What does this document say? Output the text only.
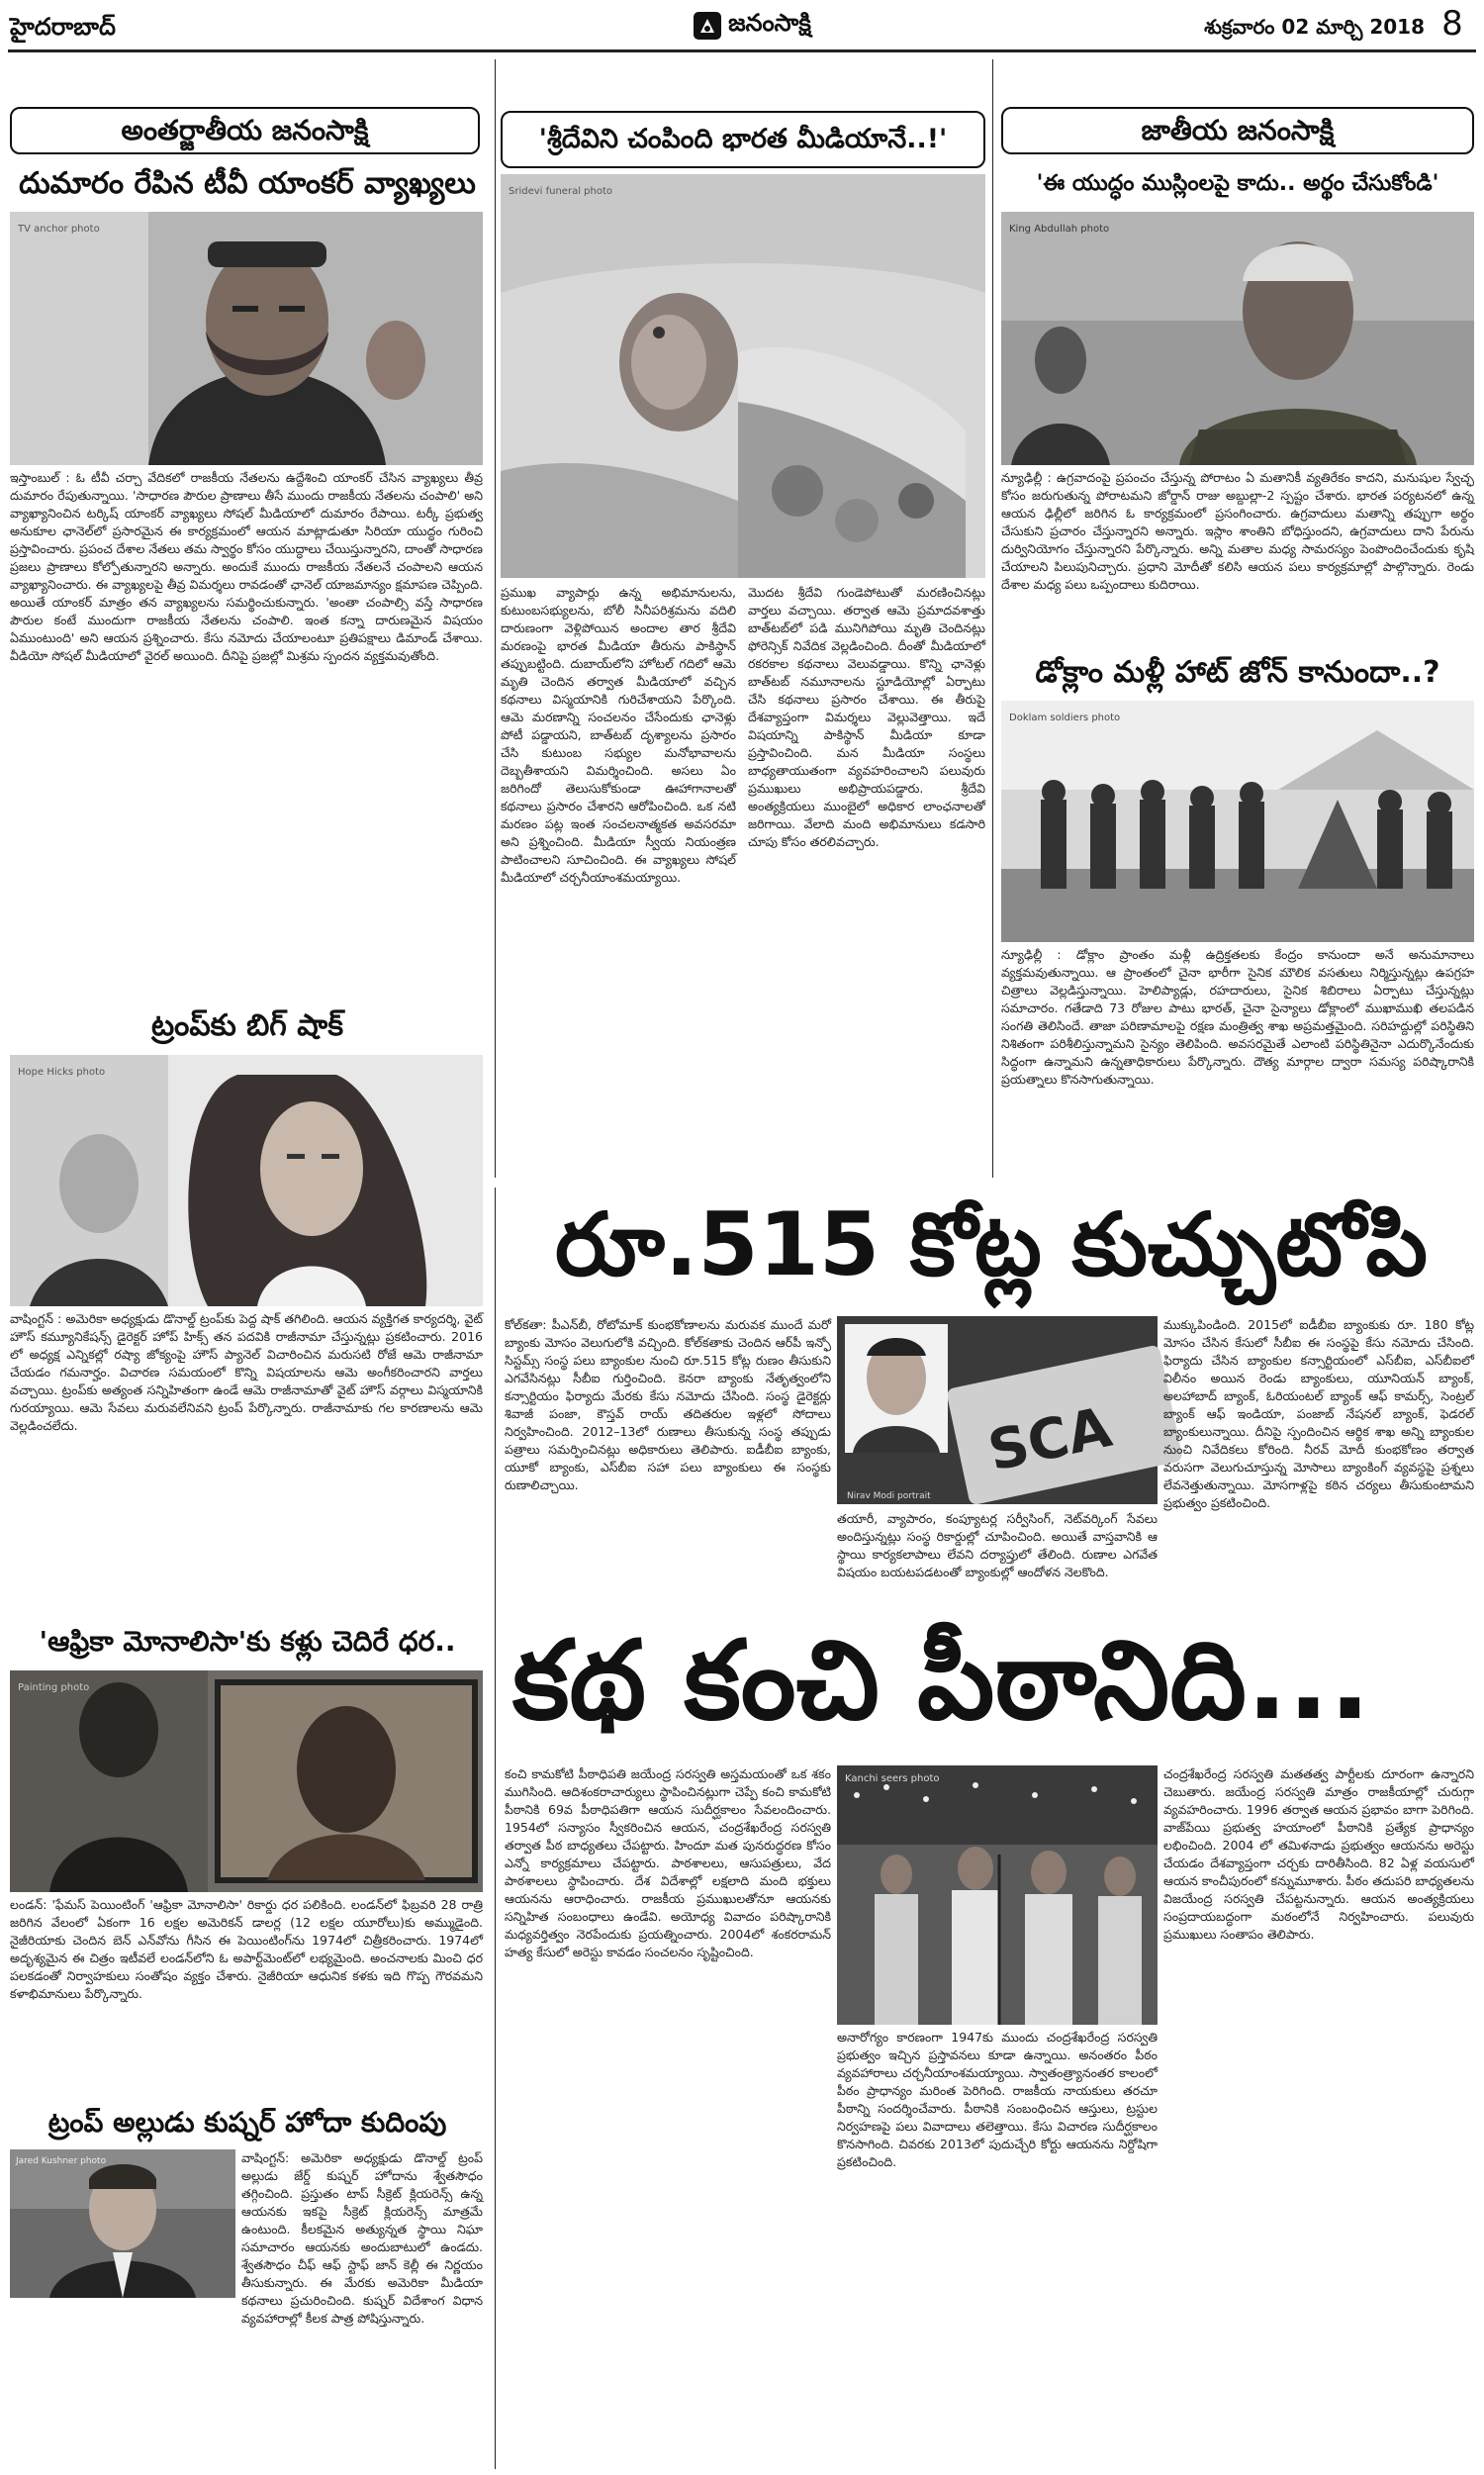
హైదరాబాద్	జనంసాక్షి	శుక్రవారం 02 మార్చి 2018 8
అంతర్జాతీయ జనంసాక్షి
దుమారం రేపిన టీవీ యాంకర్ వ్యాఖ్యలు
TV anchor photo
ఇస్తాంబుల్ : ఓ టీవీ చర్చా వేదికలో రాజకీయ నేతలను ఉద్దేశించి యాంకర్ చేసిన వ్యాఖ్యలు తీవ్ర దుమారం రేపుతున్నాయి. 'సాధారణ పౌరుల ప్రాణాలు తీసే ముందు రాజకీయ నేతలను చంపాలి' అని వ్యాఖ్యానించిన టర్కిష్ యాంకర్ వ్యాఖ్యలు సోషల్ మీడియాలో దుమారం రేపాయి. టర్కీ ప్రభుత్వ అనుకూల ఛానెల్‌లో ప్రసారమైన ఈ కార్యక్రమంలో ఆయన మాట్లాడుతూ సిరియా యుద్ధం గురించి ప్రస్తావించారు. ప్రపంచ దేశాల నేతలు తమ స్వార్థం కోసం యుద్ధాలు చేయిస్తున్నారని, దాంతో సాధారణ ప్రజలు ప్రాణాలు కోల్పోతున్నారని అన్నారు. అందుకే ముందు రాజకీయ నేతలనే చంపాలని ఆయన వ్యాఖ్యానించారు. ఈ వ్యాఖ్యలపై తీవ్ర విమర్శలు రావడంతో ఛానెల్ యాజమాన్యం క్షమాపణ చెప్పింది. అయితే యాంకర్ మాత్రం తన వ్యాఖ్యలను సమర్థించుకున్నారు. 'అంతా చంపాల్సి వస్తే సాధారణ పౌరుల కంటే ముందుగా రాజకీయ నేతలను చంపాలి. ఇంత కన్నా దారుణమైన విషయం ఏముంటుంది' అని ఆయన ప్రశ్నించారు. కేసు నమోదు చేయాలంటూ ప్రతిపక్షాలు డిమాండ్ చేశాయి. వీడియో సోషల్ మీడియాలో వైరల్ అయింది. దీనిపై ప్రజల్లో మిశ్రమ స్పందన వ్యక్తమవుతోంది.
ట్రంప్‌కు బిగ్ షాక్
Hope Hicks photo
వాషింగ్టన్ : అమెరికా అధ్యక్షుడు డొనాల్డ్ ట్రంప్‌కు పెద్ద షాక్ తగిలింది. ఆయన వ్యక్తిగత కార్యదర్శి, వైట్ హౌస్ కమ్యూనికేషన్స్ డైరెక్టర్ హోప్ హిక్స్ తన పదవికి రాజీనామా చేస్తున్నట్లు ప్రకటించారు. 2016 లో అధ్యక్ష ఎన్నికల్లో రష్యా జోక్యంపై హౌస్ ప్యానెల్ విచారించిన మరుసటి రోజే ఆమె రాజీనామా చేయడం గమనార్హం. విచారణ సమయంలో కొన్ని విషయాలను ఆమె అంగీకరించారని వార్తలు వచ్చాయి. ట్రంప్‌కు అత్యంత సన్నిహితంగా ఉండే ఆమె రాజీనామాతో వైట్ హౌస్ వర్గాలు విస్మయానికి గురయ్యాయి. ఆమె సేవలు మరువలేనివని ట్రంప్ పేర్కొన్నారు. రాజీనామాకు గల కారణాలను ఆమె వెల్లడించలేదు.
'ఆఫ్రికా మోనాలిసా'కు కళ్లు చెదిరే ధర..
Painting photo
లండన్: 'ఫేమస్ పెయింటింగ్ 'ఆఫ్రికా మోనాలిసా' రికార్డు ధర పలికింది. లండన్‌లో ఫిబ్రవరి 28 రాత్రి జరిగిన వేలంలో ఏకంగా 16 లక్షల అమెరికన్ డాలర్ల (12 లక్షల యూరోలు)కు అమ్ముడైంది. నైజీరియాకు చెందిన బెన్ ఎన్‌వోను గీసిన ఈ పెయింటింగ్‌ను 1974లో చిత్రీకరించారు. 1974లో అదృశ్యమైన ఈ చిత్రం ఇటీవలే లండన్‌లోని ఓ అపార్ట్‌మెంట్‌లో లభ్యమైంది. అంచనాలకు మించి ధర పలకడంతో నిర్వాహకులు సంతోషం వ్యక్తం చేశారు. నైజీరియా ఆధునిక కళకు ఇది గొప్ప గౌరవమని కళాభిమానులు పేర్కొన్నారు.
ట్రంప్ అల్లుడు కుష్నర్ హోదా కుదింపు
Jared Kushner photo	వాషింగ్టన్: అమెరికా అధ్యక్షుడు డొనాల్డ్ ట్రంప్ అల్లుడు జేర్డ్ కుష్నర్ హోదాను శ్వేతసౌధం తగ్గించింది. ప్రస్తుతం టాప్ సీక్రెట్ క్లియరెన్స్ ఉన్న ఆయనకు ఇకపై సీక్రెట్ క్లియరెన్స్ మాత్రమే ఉంటుంది. కీలకమైన అత్యున్నత స్థాయి నిఘా సమాచారం ఆయనకు అందుబాటులో ఉండదు. శ్వేతసౌధం చీఫ్ ఆఫ్ స్టాఫ్ జాన్ కెల్లీ ఈ నిర్ణయం తీసుకున్నారు. ఈ మేరకు అమెరికా మీడియా కథనాలు ప్రచురించింది. కుష్నర్ విదేశాంగ విధాన వ్యవహారాల్లో కీలక పాత్ర పోషిస్తున్నారు.
'శ్రీదేవిని చంపింది భారత మీడియానే..!'
Sridevi funeral photo
ప్రముఖ వ్యాపార్లు ఉన్న అభిమానులను, కుటుంబసభ్యులను, బోలీ సినీపరిశ్రమను వదిలి దారుణంగా వెళ్లిపోయిన అందాల తార శ్రీదేవి మరణంపై భారత మీడియా తీరును పాకిస్థాన్ తప్పుబట్టింది. దుబాయ్‌లోని హోటల్ గదిలో ఆమె మృతి చెందిన తర్వాత మీడియాలో వచ్చిన కథనాలు విస్మయానికి గురిచేశాయని పేర్కొంది. ఆమె మరణాన్ని సంచలనం చేసేందుకు ఛానెళ్లు పోటీ పడ్డాయని, బాత్‌టబ్ దృశ్యాలను ప్రసారం చేసి కుటుంబ సభ్యుల మనోభావాలను దెబ్బతీశాయని విమర్శించింది. అసలు ఏం జరిగిందో తెలుసుకోకుండా ఊహాగానాలతో కథనాలు ప్రసారం చేశారని ఆరోపించింది. ఒక నటి మరణం పట్ల ఇంత సంచలనాత్మకత అవసరమా అని ప్రశ్నించింది. మీడియా స్వీయ నియంత్రణ పాటించాలని సూచించింది. ఈ వ్యాఖ్యలు సోషల్ మీడియాలో చర్చనీయాంశమయ్యాయి.
మొదట శ్రీదేవి గుండెపోటుతో మరణించినట్లు వార్తలు వచ్చాయి. తర్వాత ఆమె ప్రమాదవశాత్తు బాత్‌టబ్‌లో పడి మునిగిపోయి మృతి చెందినట్లు ఫోరెన్సిక్ నివేదిక వెల్లడించింది. దీంతో మీడియాలో రకరకాల కథనాలు వెలువడ్డాయి. కొన్ని ఛానెళ్లు బాత్‌టబ్ నమూనాలను స్టూడియోల్లో ఏర్పాటు చేసి కథనాలు ప్రసారం చేశాయి. ఈ తీరుపై దేశవ్యాప్తంగా విమర్శలు వెల్లువెత్తాయి. ఇదే విషయాన్ని పాకిస్థాన్ మీడియా కూడా ప్రస్తావించింది. మన మీడియా సంస్థలు బాధ్యతాయుతంగా వ్యవహరించాలని పలువురు ప్రముఖులు అభిప్రాయపడ్డారు. శ్రీదేవి అంత్యక్రియలు ముంబైలో అధికార లాంఛనాలతో జరిగాయి. వేలాది మంది అభిమానులు కడసారి చూపు కోసం తరలివచ్చారు.
జాతీయ జనంసాక్షి
'ఈ యుద్ధం ముస్లింలపై కాదు.. అర్థం చేసుకోండి'
King Abdullah photo
న్యూఢిల్లీ : ఉగ్రవాదంపై ప్రపంచం చేస్తున్న పోరాటం ఏ మతానికీ వ్యతిరేకం కాదని, మనుషుల స్వేచ్ఛ కోసం జరుగుతున్న పోరాటమని జోర్డాన్ రాజు అబ్దుల్లా-2 స్పష్టం చేశారు. భారత పర్యటనలో ఉన్న ఆయన ఢిల్లీలో జరిగిన ఓ కార్యక్రమంలో ప్రసంగించారు. ఉగ్రవాదులు మతాన్ని తప్పుగా అర్థం చేసుకుని ప్రచారం చేస్తున్నారని అన్నారు. ఇస్లాం శాంతిని బోధిస్తుందని, ఉగ్రవాదులు దాని పేరును దుర్వినియోగం చేస్తున్నారని పేర్కొన్నారు. అన్ని మతాల మధ్య సామరస్యం పెంపొందించేందుకు కృషి చేయాలని పిలుపునిచ్చారు. ప్రధాని మోదీతో కలిసి ఆయన పలు కార్యక్రమాల్లో పాల్గొన్నారు. రెండు దేశాల మధ్య పలు ఒప్పందాలు కుదిరాయి.
డోక్లాం మళ్లీ హాట్ జోన్ కానుందా..?
Doklam soldiers photo
న్యూఢిల్లీ : డోక్లాం ప్రాంతం మళ్లీ ఉద్రిక్తతలకు కేంద్రం కానుందా అనే అనుమానాలు వ్యక్తమవుతున్నాయి. ఆ ప్రాంతంలో చైనా భారీగా సైనిక మౌలిక వసతులు నిర్మిస్తున్నట్లు ఉపగ్రహ చిత్రాలు వెల్లడిస్తున్నాయి. హెలిప్యాడ్లు, రహదారులు, సైనిక శిబిరాలు ఏర్పాటు చేస్తున్నట్లు సమాచారం. గతేడాది 73 రోజుల పాటు భారత్, చైనా సైన్యాలు డోక్లాంలో ముఖాముఖి తలపడిన సంగతి తెలిసిందే. తాజా పరిణామాలపై రక్షణ మంత్రిత్వ శాఖ అప్రమత్తమైంది. సరిహద్దుల్లో పరిస్థితిని నిశితంగా పరిశీలిస్తున్నామని సైన్యం తెలిపింది. అవసరమైతే ఎలాంటి పరిస్థితినైనా ఎదుర్కొనేందుకు సిద్ధంగా ఉన్నామని ఉన్నతాధికారులు పేర్కొన్నారు. దౌత్య మార్గాల ద్వారా సమస్య పరిష్కారానికి ప్రయత్నాలు కొనసాగుతున్నాయి.
రూ.515 కోట్ల కుచ్చుటోపి
కోల్‌కతా: పీఎన్‌బీ, రోటోమాక్ కుంభకోణాలను మరువక ముందే మరో బ్యాంకు మోసం వెలుగులోకి వచ్చింది. కోల్‌కతాకు చెందిన ఆర్‌పీ ఇన్ఫో సిస్టమ్స్ సంస్థ పలు బ్యాంకుల నుంచి రూ.515 కోట్ల రుణం తీసుకుని ఎగవేసినట్లు సీబీఐ గుర్తించింది. కెనరా బ్యాంకు నేతృత్వంలోని కన్సార్టియం ఫిర్యాదు మేరకు కేసు నమోదు చేసింది. సంస్థ డైరెక్టర్లు శివాజీ పంజా, కౌస్తవ్ రాయ్ తదితరుల ఇళ్లలో సోదాలు నిర్వహించింది. 2012–13లో రుణాలు తీసుకున్న సంస్థ తప్పుడు పత్రాలు సమర్పించినట్లు అధికారులు తెలిపారు. ఐడీబీఐ బ్యాంకు, యూకో బ్యాంకు, ఎస్‌బీఐ సహా పలు బ్యాంకులు ఈ సంస్థకు రుణాలిచ్చాయి.
SCA
Nirav Modi portrait
తయారీ, వ్యాపారం, కంప్యూటర్ల సర్వీసింగ్, నెట్‌వర్కింగ్ సేవలు అందిస్తున్నట్లు సంస్థ రికార్డుల్లో చూపించింది. అయితే వాస్తవానికి ఆ స్థాయి కార్యకలాపాలు లేవని దర్యాప్తులో తేలింది. రుణాల ఎగవేత విషయం బయటపడటంతో బ్యాంకుల్లో ఆందోళన నెలకొంది.
ముక్కుపిండింది. 2015లో ఐడీబీఐ బ్యాంకుకు రూ. 180 కోట్ల మోసం చేసిన కేసులో సీబీఐ ఈ సంస్థపై కేసు నమోదు చేసింది. ఫిర్యాదు చేసిన బ్యాంకుల కన్సార్టియంలో ఎస్‌బీఐ, ఎస్‌బీఐలో విలీనం అయిన రెండు బ్యాంకులు, యూనియన్ బ్యాంక్, అలహాబాద్ బ్యాంక్, ఓరియంటల్ బ్యాంక్ ఆఫ్ కామర్స్, సెంట్రల్ బ్యాంక్ ఆఫ్ ఇండియా, పంజాబ్ నేషనల్ బ్యాంక్, ఫెడరల్ బ్యాంకులున్నాయి. దీనిపై స్పందించిన ఆర్థిక శాఖ అన్ని బ్యాంకుల నుంచి నివేదికలు కోరింది. నీరవ్ మోదీ కుంభకోణం తర్వాత వరుసగా వెలుగుచూస్తున్న మోసాలు బ్యాంకింగ్ వ్యవస్థపై ప్రశ్నలు లేవనెత్తుతున్నాయి. మోసగాళ్లపై కఠిన చర్యలు తీసుకుంటామని ప్రభుత్వం ప్రకటించింది.
కథ కంచి పీఠానిది...
కంచి కామకోటి పీఠాధిపతి జయేంద్ర సరస్వతి అస్తమయంతో ఒక శకం ముగిసింది. ఆదిశంకరాచార్యులు స్థాపించినట్లుగా చెప్పే కంచి కామకోటి పీఠానికి 69వ పీఠాధిపతిగా ఆయన సుదీర్ఘకాలం సేవలందించారు. 1954లో సన్యాసం స్వీకరించిన ఆయన, చంద్రశేఖరేంద్ర సరస్వతి తర్వాత పీఠ బాధ్యతలు చేపట్టారు. హిందూ మత పునరుద్ధరణ కోసం ఎన్నో కార్యక్రమాలు చేపట్టారు. పాఠశాలలు, ఆసుపత్రులు, వేద పాఠశాలలు స్థాపించారు. దేశ విదేశాల్లో లక్షలాది మంది భక్తులు ఆయనను ఆరాధించారు. రాజకీయ ప్రముఖులతోనూ ఆయనకు సన్నిహిత సంబంధాలు ఉండేవి. అయోధ్య వివాదం పరిష్కారానికి మధ్యవర్తిత్వం నెరపేందుకు ప్రయత్నించారు. 2004లో శంకరరామన్ హత్య కేసులో అరెస్టు కావడం సంచలనం సృష్టించింది.
Kanchi seers photo
అనారోగ్యం కారణంగా 1947కు ముందు చంద్రశేఖరేంద్ర సరస్వతి ప్రభుత్వం ఇచ్చిన ప్రస్తావనలు కూడా ఉన్నాయి. అనంతరం పీఠం వ్యవహారాలు చర్చనీయాంశమయ్యాయి. స్వాతంత్ర్యానంతర కాలంలో పీఠం ప్రాధాన్యం మరింత పెరిగింది. రాజకీయ నాయకులు తరచూ పీఠాన్ని సందర్శించేవారు. పీఠానికి సంబంధించిన ఆస్తులు, ట్రస్టుల నిర్వహణపై పలు వివాదాలు తలెత్తాయి. కేసు విచారణ సుదీర్ఘకాలం కొనసాగింది. చివరకు 2013లో పుదుచ్చేరి కోర్టు ఆయనను నిర్దోషిగా ప్రకటించింది.
చంద్రశేఖరేంద్ర సరస్వతి మతతత్వ పార్టీలకు దూరంగా ఉన్నారని చెబుతారు. జయేంద్ర సరస్వతి మాత్రం రాజకీయాల్లో చురుగ్గా వ్యవహరించారు. 1996 తర్వాత ఆయన ప్రభావం బాగా పెరిగింది. వాజ్‌పేయి ప్రభుత్వ హయాంలో పీఠానికి ప్రత్యేక ప్రాధాన్యం లభించింది. 2004 లో తమిళనాడు ప్రభుత్వం ఆయనను అరెస్టు చేయడం దేశవ్యాప్తంగా చర్చకు దారితీసింది. 82 ఏళ్ల వయసులో ఆయన కాంచీపురంలో కన్నుమూశారు. పీఠం తదుపరి బాధ్యతలను విజయేంద్ర సరస్వతి చేపట్టనున్నారు. ఆయన అంత్యక్రియలు సంప్రదాయబద్ధంగా మఠంలోనే నిర్వహించారు. పలువురు ప్రముఖులు సంతాపం తెలిపారు.
